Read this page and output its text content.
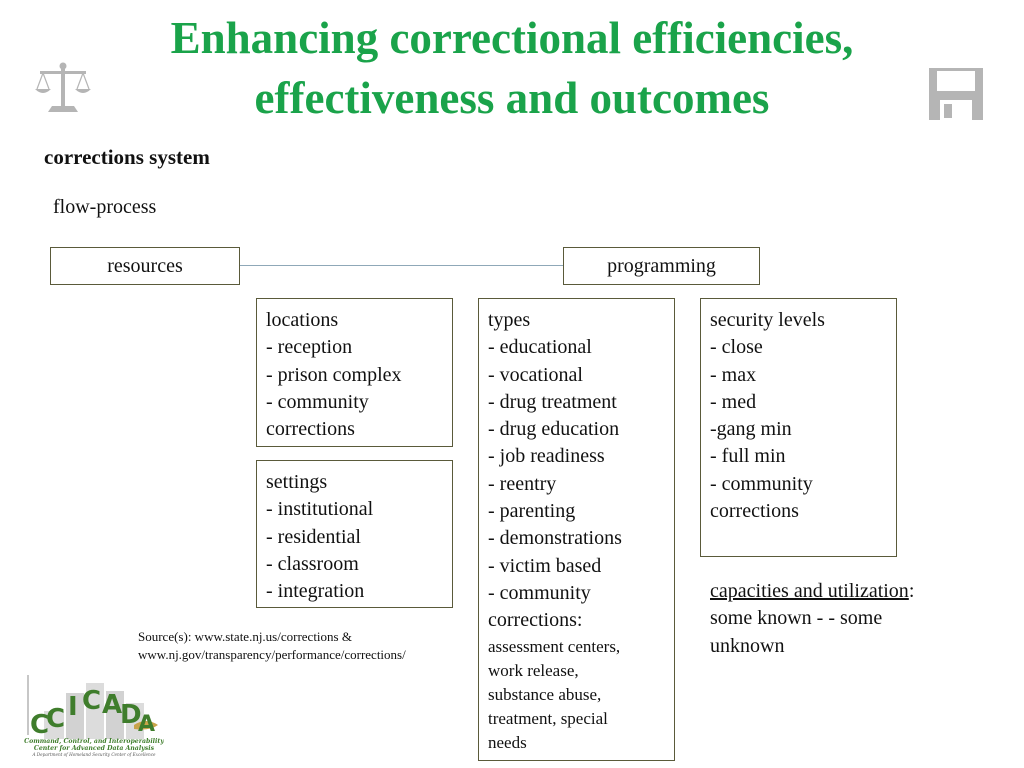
Enhancing correctional efficiencies,
effectiveness and outcomes
corrections system
flow-process
resources	programming
locations
- reception
- prison complex
- community
corrections
settings
- institutional
- residential
- classroom
- integration
types
- educational
- vocational
- drug treatment
- drug education
- job readiness
- reentry
- parenting
- demonstrations
- victim based
- community
corrections:
assessment centers,
work release,
substance abuse,
treatment, special
needs
security levels
- close
- max
- med
-gang min
- full min
- community
corrections
capacities and utilization:
some known - - some
unknown
Source(s): www.state.nj.us/corrections &
www.nj.gov/transparency/performance/corrections/
C
C I C A
D
A
Command, Control, and Interoperability
Center for Advanced Data Analysis
A Department of Homeland Security Center of Excellence
